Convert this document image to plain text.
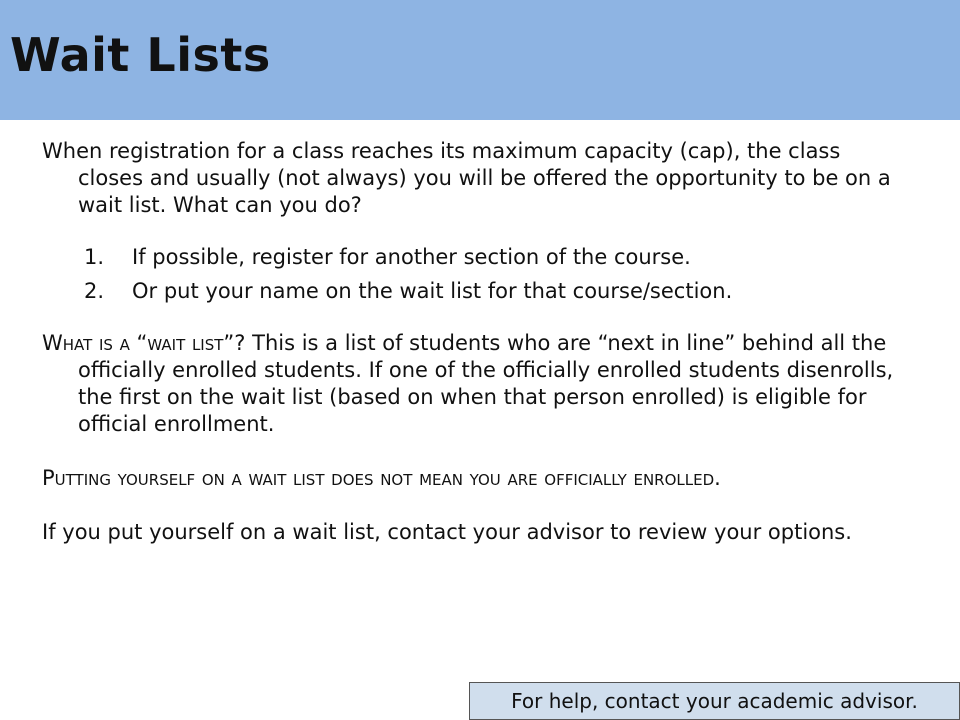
Wait Lists

When registration for a class reaches its maximum capacity (cap), the class closes and usually (not always) you will be offered the opportunity to be on a wait list. What can you do?

1. If possible, register for another section of the course.
2. Or put your name on the wait list for that course/section.

What is a “wait list”? This is a list of students who are “next in line” behind all the officially enrolled students. If one of the officially enrolled students disenrolls, the first on the wait list (based on when that person enrolled) is eligible for official enrollment.

Putting yourself on a wait list does not mean you are officially enrolled.

If you put yourself on a wait list, contact your advisor to review your options.

For help, contact your academic advisor.
